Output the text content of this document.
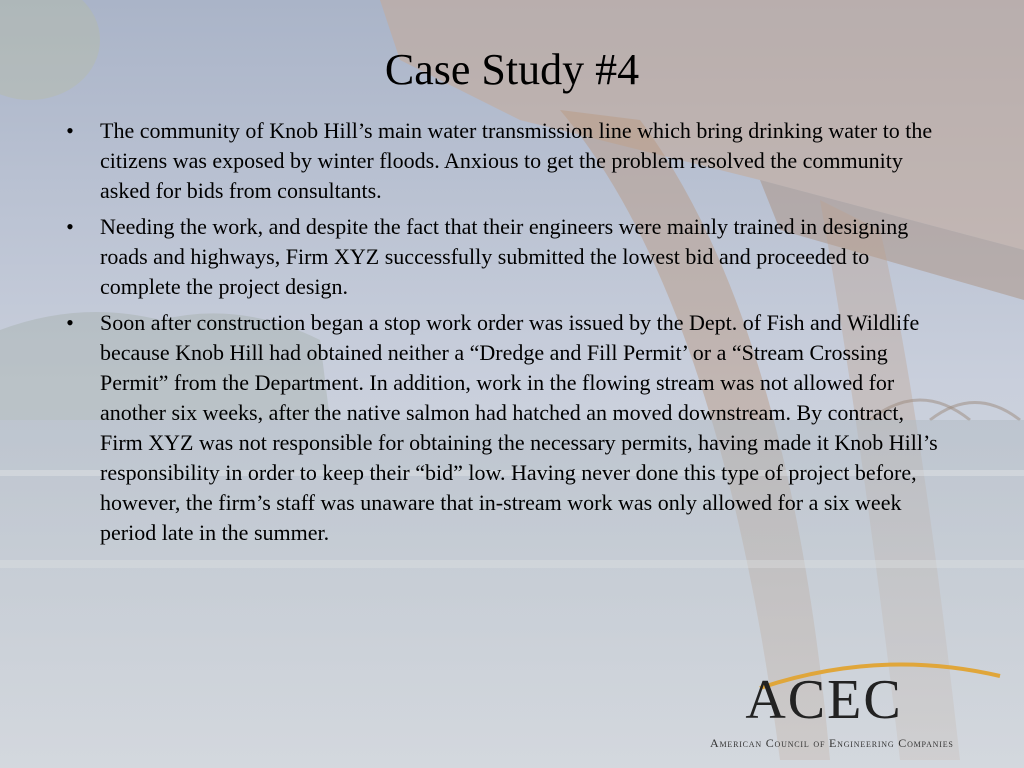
Case Study #4
• The community of Knob Hill’s main water transmission line which bring drinking water to the citizens was exposed by winter floods. Anxious to get the problem resolved the community asked for bids from consultants.
• Needing the work, and despite the fact that their engineers were mainly trained in designing roads and highways, Firm XYZ successfully submitted the lowest bid and proceeded to complete the project design.
• Soon after construction began a stop work order was issued by the Dept. of Fish and Wildlife because Knob Hill had obtained neither a “Dredge and Fill Permit’ or a “Stream Crossing Permit” from the Department. In addition, work in the flowing stream was not allowed for another six weeks, after the native salmon had hatched an moved downstream. By contract, Firm XYZ was not responsible for obtaining the necessary permits, having made it Knob Hill’s responsibility in order to keep their “bid” low. Having never done this type of project before, however, the firm’s staff was unaware that in-stream work was only allowed for a six week period late in the summer.
ACEC
American Council of Engineering Companies
